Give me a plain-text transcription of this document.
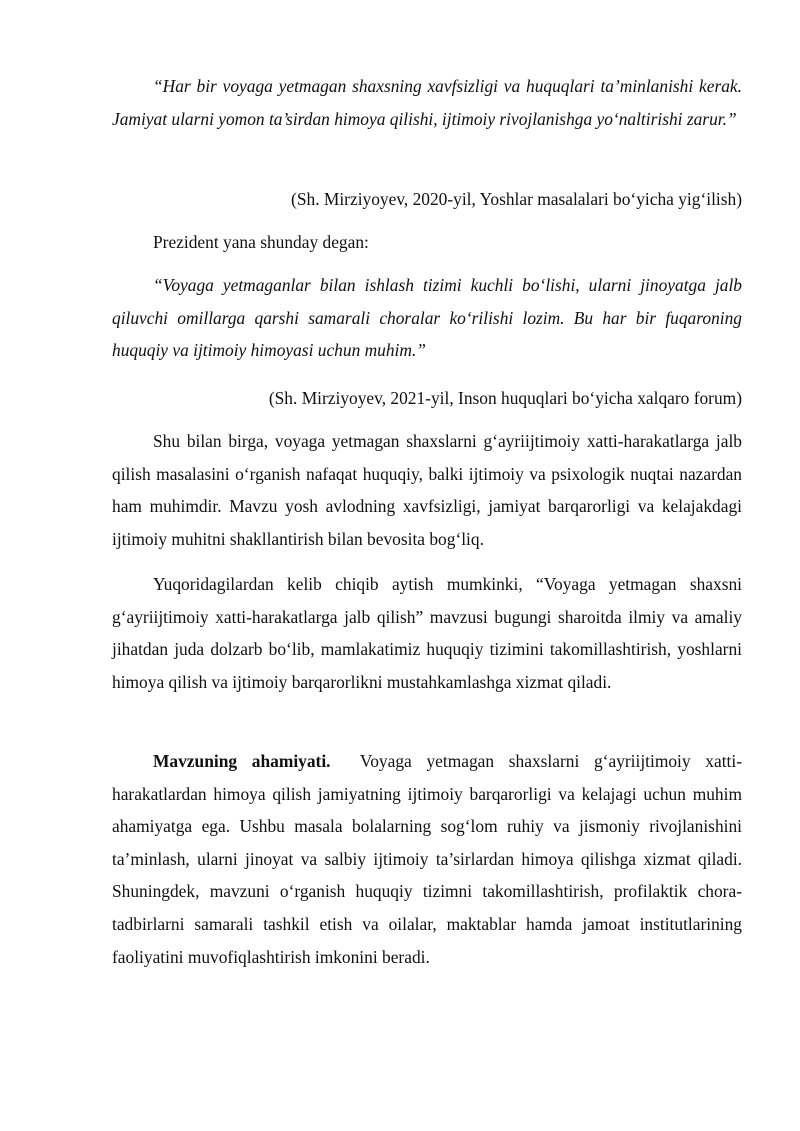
“Har bir voyaga yetmagan shaxsning xavfsizligi va huquqlari ta’minlanishi kerak. Jamiyat ularni yomon ta’sirdan himoya qilishi, ijtimoiy rivojlanishga yo‘naltirishi zarur.”

(Sh. Mirziyoyev, 2020-yil, Yoshlar masalalari bo‘yicha yig‘ilish)

Prezident yana shunday degan:

“Voyaga yetmaganlar bilan ishlash tizimi kuchli bo‘lishi, ularni jinoyatga jalb qiluvchi omillarga qarshi samarali choralar ko‘rilishi lozim. Bu har bir fuqaroning huquqiy va ijtimoiy himoyasi uchun muhim.”

(Sh. Mirziyoyev, 2021-yil, Inson huquqlari bo‘yicha xalqaro forum)

Shu bilan birga, voyaga yetmagan shaxslarni g‘ayriijtimoiy xatti-harakatlarga jalb qilish masalasini o‘rganish nafaqat huquqiy, balki ijtimoiy va psixologik nuqtai nazardan ham muhimdir. Mavzu yosh avlodning xavfsizligi, jamiyat barqarorligi va kelajakdagi ijtimoiy muhitni shakllantirish bilan bevosita bog‘liq.

Yuqoridagilardan kelib chiqib aytish mumkinki, “Voyaga yetmagan shaxsni g‘ayriijtimoiy xatti-harakatlarga jalb qilish” mavzusi bugungi sharoitda ilmiy va amaliy jihatdan juda dolzarb bo‘lib, mamlakatimiz huquqiy tizimini takomillashtirish, yoshlarni himoya qilish va ijtimoiy barqarorlikni mustahkamlashga xizmat qiladi.

Mavzuning ahamiyati. Voyaga yetmagan shaxslarni g‘ayriijtimoiy xatti-harakatlardan himoya qilish jamiyatning ijtimoiy barqarorligi va kelajagi uchun muhim ahamiyatga ega. Ushbu masala bolalarning sog‘lom ruhiy va jismoniy rivojlanishini ta’minlash, ularni jinoyat va salbiy ijtimoiy ta’sirlardan himoya qilishga xizmat qiladi. Shuningdek, mavzuni o‘rganish huquqiy tizimni takomillashtirish, profilaktik chora-tadbirlarni samarali tashkil etish va oilalar, maktablar hamda jamoat institutlarining faoliyatini muvofiqlashtirish imkonini beradi.
